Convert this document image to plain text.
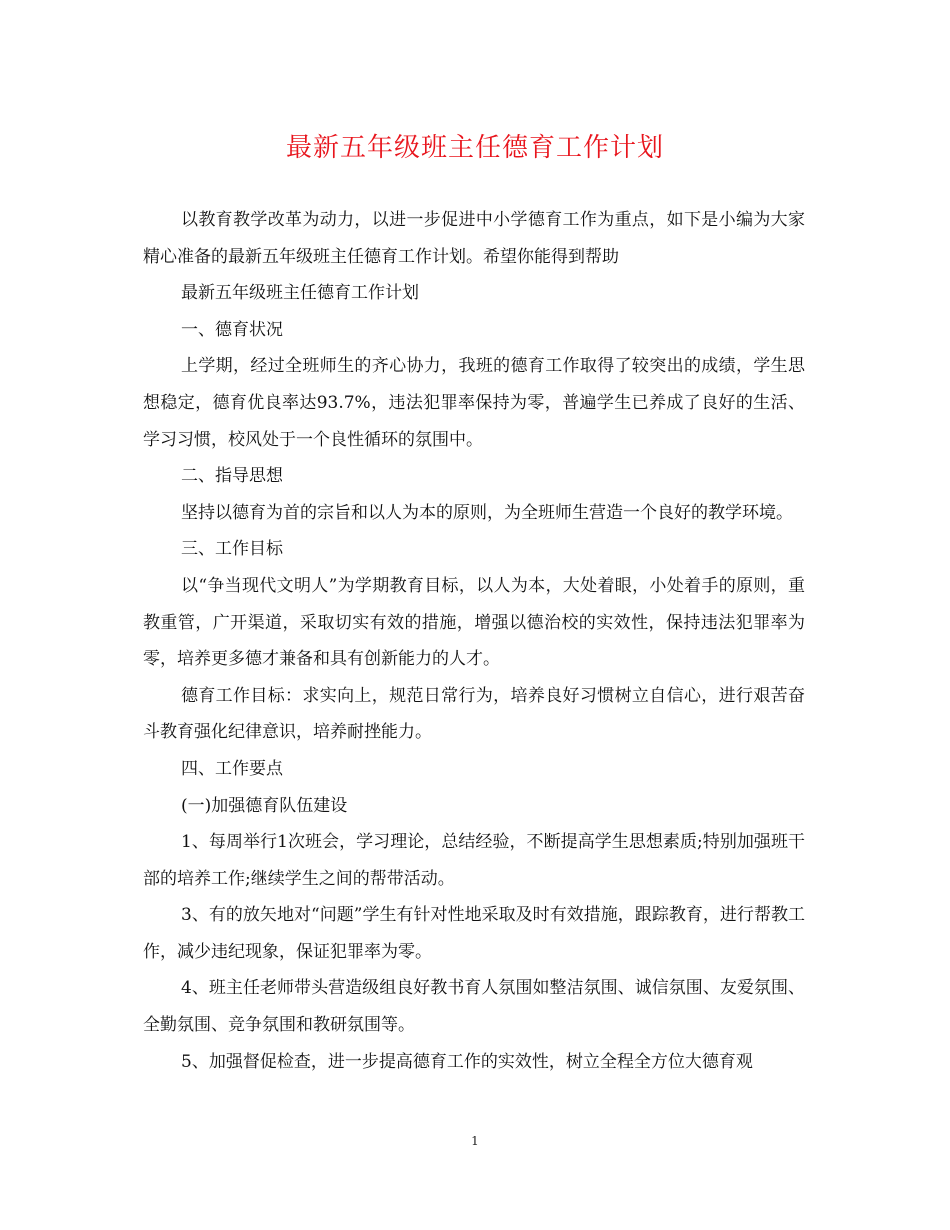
最新五年级班主任德育工作计划

以教育教学改革为动力，以进一步促进中小学德育工作为重点，如下是小编为大家精心准备的最新五年级班主任德育工作计划。希望你能得到帮助

最新五年级班主任德育工作计划

一、德育状况

上学期，经过全班师生的齐心协力，我班的德育工作取得了较突出的成绩，学生思想稳定，德育优良率达93.7%，违法犯罪率保持为零，普遍学生已养成了良好的生活、学习习惯，校风处于一个良性循环的氛围中。

二、指导思想

坚持以德育为首的宗旨和以人为本的原则，为全班师生营造一个良好的教学环境。

三、工作目标

以“争当现代文明人”为学期教育目标，以人为本，大处着眼，小处着手的原则，重教重管，广开渠道，采取切实有效的措施，增强以德治校的实效性，保持违法犯罪率为零，培养更多德才兼备和具有创新能力的人才。

德育工作目标：求实向上，规范日常行为，培养良好习惯树立自信心，进行艰苦奋斗教育强化纪律意识，培养耐挫能力。

四、工作要点

(一)加强德育队伍建设

1、每周举行1次班会，学习理论，总结经验，不断提高学生思想素质;特别加强班干部的培养工作;继续学生之间的帮带活动。

3、有的放矢地对“问题”学生有针对性地采取及时有效措施，跟踪教育，进行帮教工作，减少违纪现象，保证犯罪率为零。

4、班主任老师带头营造级组良好教书育人氛围如整洁氛围、诚信氛围、友爱氛围、全勤氛围、竞争氛围和教研氛围等。

5、加强督促检查，进一步提高德育工作的实效性，树立全程全方位大德育观

1
